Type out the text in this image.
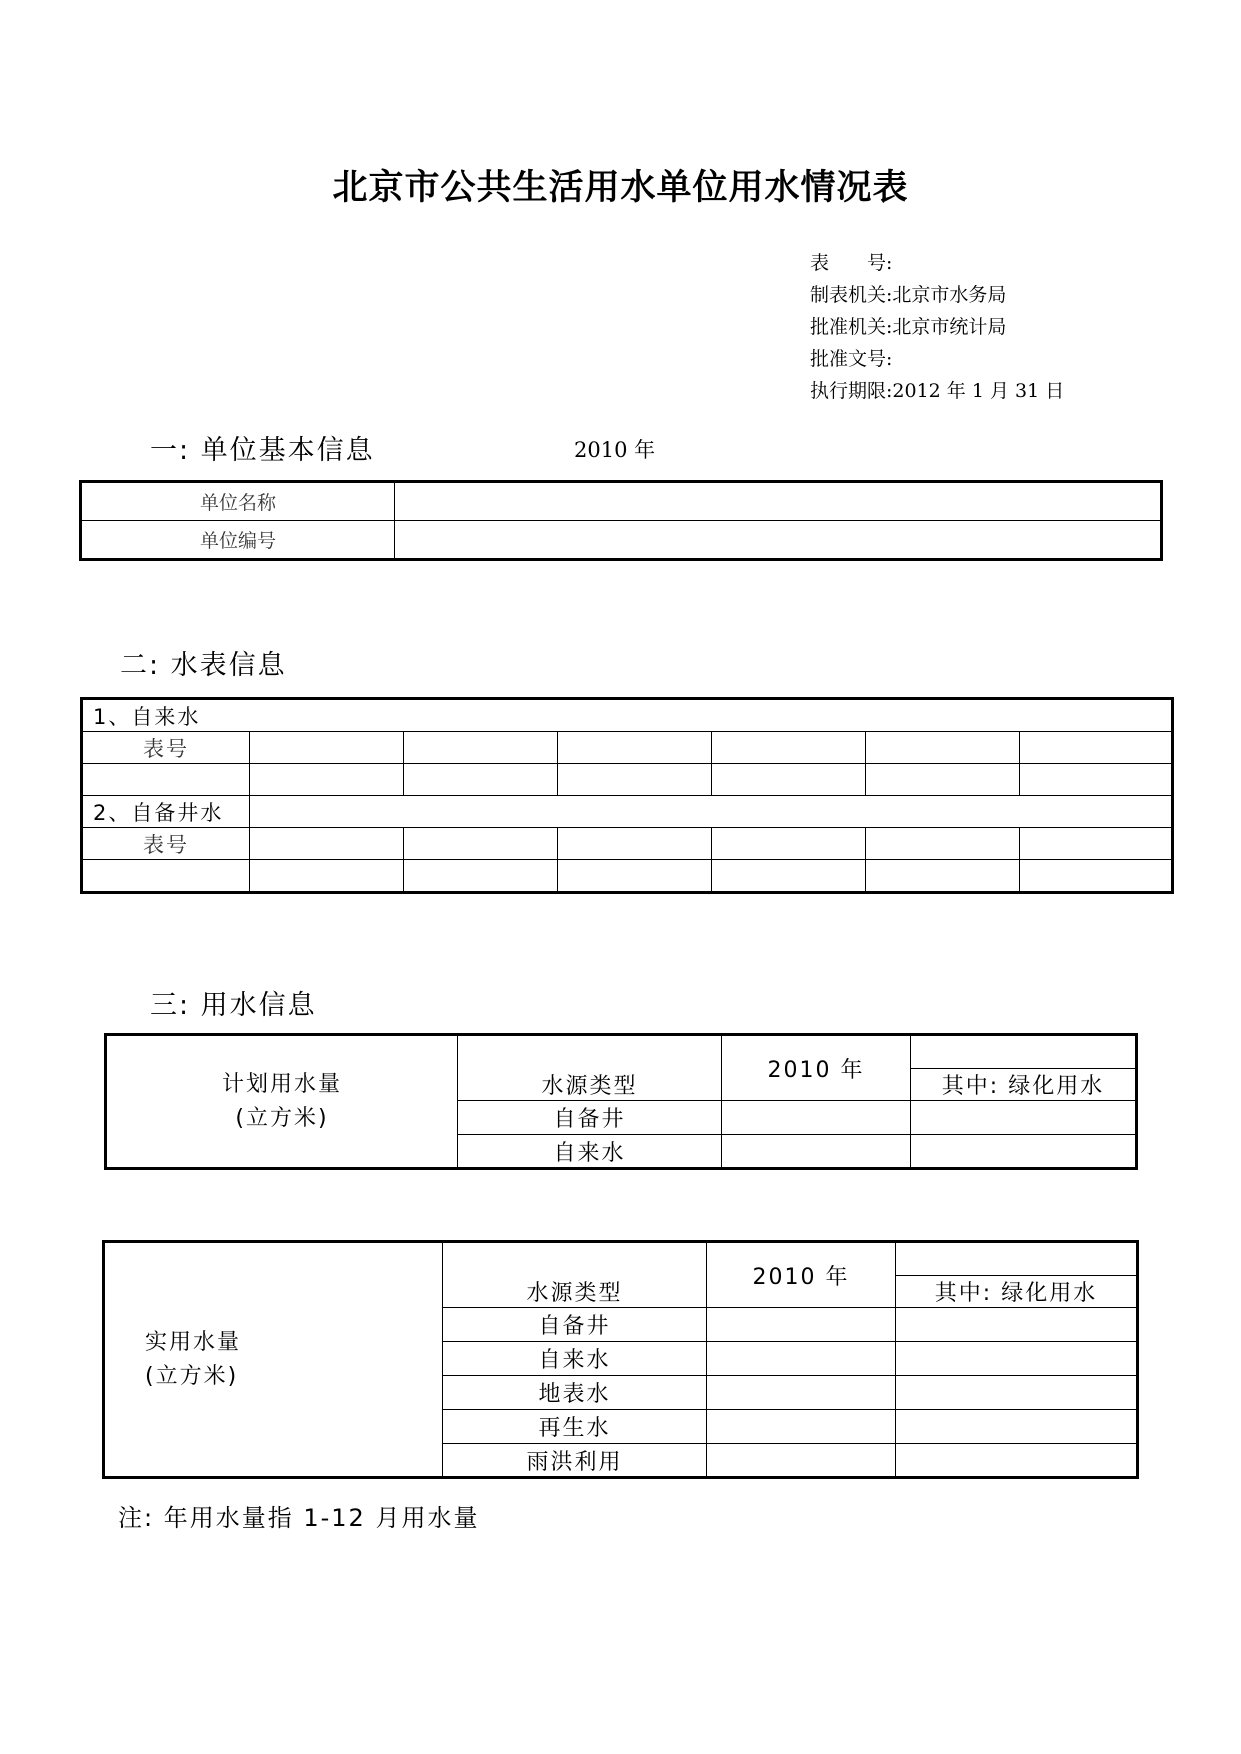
北京市公共生活用水单位用水情况表
表　　号:
制表机关:北京市水务局
批准机关:北京市统计局
批准文号:
执行期限:2012 年 1 月 31 日
一: 单位基本信息	2010 年
单位名称	
单位编号	
二: 水表信息
1、自来水						
表号						

2、自备井水						
表号						

三: 用水信息
计划用水量
(立方米)	水源类型	2010 年	
			其中: 绿化用水
	自备井		
	自来水		
实用水量
(立方米)	水源类型	2010 年	
			其中: 绿化用水
	自备井		
	自来水		
	地表水		
	再生水		
	雨洪利用		
注: 年用水量指 1-12 月用水量
